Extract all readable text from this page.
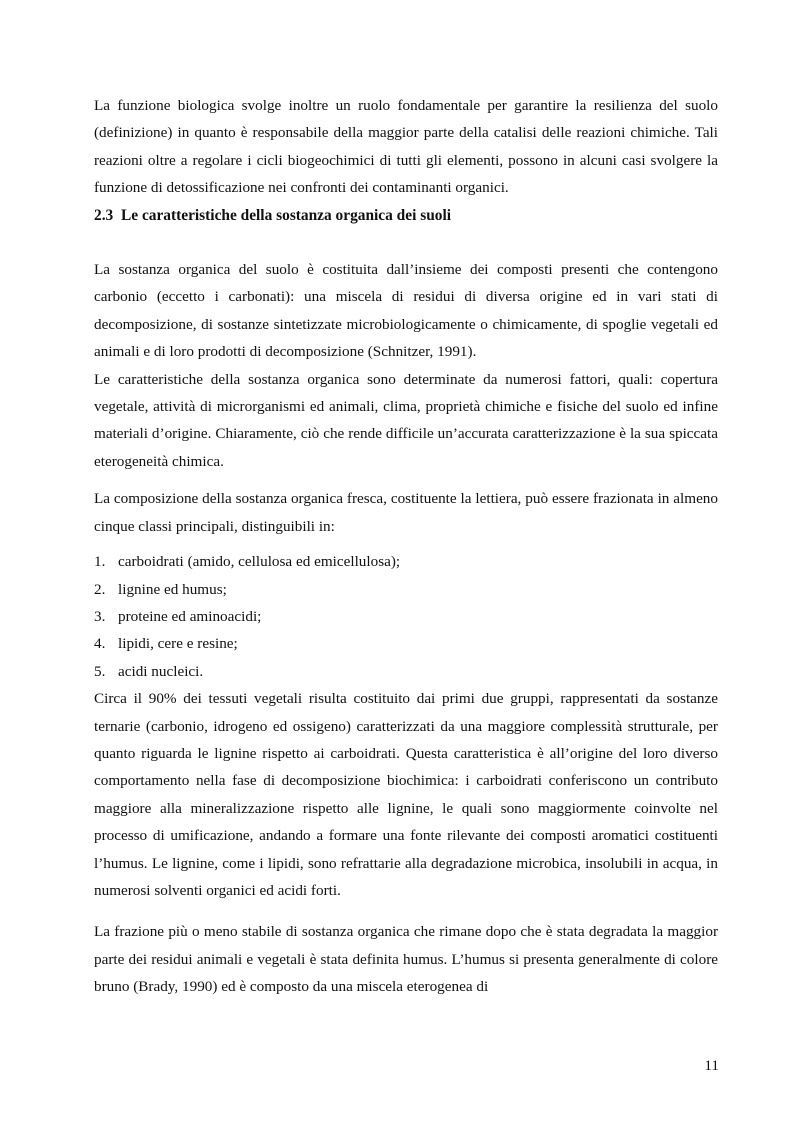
La funzione biologica svolge inoltre un ruolo fondamentale per garantire la resilienza del suolo (definizione) in quanto è responsabile della maggior parte della catalisi delle reazioni chimiche. Tali reazioni oltre a regolare i cicli biogeochimici di tutti gli elementi, possono in alcuni casi svolgere la funzione di detossificazione nei confronti dei contaminanti organici.

2.3 Le caratteristiche della sostanza organica dei suoli

La sostanza organica del suolo è costituita dall’insieme dei composti presenti che contengono carbonio (eccetto i carbonati): una miscela di residui di diversa origine ed in vari stati di decomposizione, di sostanze sintetizzate microbiologicamente o chimicamente, di spoglie vegetali ed animali e di loro prodotti di decomposizione (Schnitzer, 1991).

Le caratteristiche della sostanza organica sono determinate da numerosi fattori, quali: copertura vegetale, attività di microrganismi ed animali, clima, proprietà chimiche e fisiche del suolo ed infine materiali d’origine. Chiaramente, ciò che rende difficile un’accurata caratterizzazione è la sua spiccata eterogeneità chimica.

La composizione della sostanza organica fresca, costituente la lettiera, può essere frazionata in almeno cinque classi principali, distinguibili in:

1. carboidrati (amido, cellulosa ed emicellulosa);
2. lignine ed humus;
3. proteine ed aminoacidi;
4. lipidi, cere e resine;
5. acidi nucleici.

Circa il 90% dei tessuti vegetali risulta costituito dai primi due gruppi, rappresentati da sostanze ternarie (carbonio, idrogeno ed ossigeno) caratterizzati da una maggiore complessità strutturale, per quanto riguarda le lignine rispetto ai carboidrati. Questa caratteristica è all’origine del loro diverso comportamento nella fase di decomposizione biochimica: i carboidrati conferiscono un contributo maggiore alla mineralizzazione rispetto alle lignine, le quali sono maggiormente coinvolte nel processo di umificazione, andando a formare una fonte rilevante dei composti aromatici costituenti l’humus. Le lignine, come i lipidi, sono refrattarie alla degradazione microbica, insolubili in acqua, in numerosi solventi organici ed acidi forti.

La frazione più o meno stabile di sostanza organica che rimane dopo che è stata degradata la maggior parte dei residui animali e vegetali è stata definita humus. L’humus si presenta generalmente di colore bruno (Brady, 1990) ed è composto da una miscela eterogenea di

11
